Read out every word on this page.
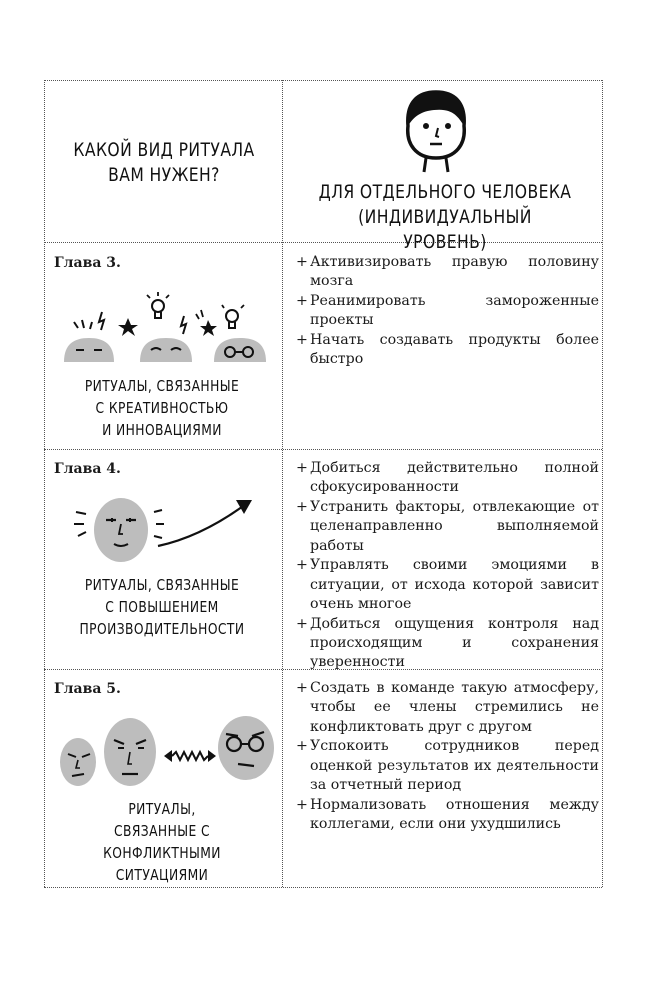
КАКОЙ ВИД РИТУАЛА
ВАМ НУЖЕН?
ДЛЯ ОТДЕЛЬНОГО ЧЕЛОВЕКА
(ИНДИВИДУАЛЬНЫЙ УРОВЕНЬ)
Глава 3.
РИТУАЛЫ, СВЯЗАННЫЕ
С КРЕАТИВНОСТЬЮ
И ИННОВАЦИЯМИ
+ Активизировать правую половину мозга
+ Реанимировать замороженные проекты
+ Начать создавать продукты более быстро
Глава 4.
РИТУАЛЫ, СВЯЗАННЫЕ
С ПОВЫШЕНИЕМ
ПРОИЗВОДИТЕЛЬНОСТИ
+ Добиться действительно полной сфокусированности
+ Устранить факторы, отвлекающие от целенаправленно выполняемой работы
+ Управлять своими эмоциями в ситуации, от исхода которой зависит очень многое
+ Добиться ощущения контроля над происходящим и сохранения уверенности
Глава 5.
РИТУАЛЫ,
СВЯЗАННЫЕ С КОНФЛИКТНЫМИ
СИТУАЦИЯМИ
+ Создать в команде такую атмосферу, чтобы ее члены стремились не конфликтовать друг с другом
+ Успокоить сотрудников перед оценкой результатов их деятельности за отчетный период
+ Нормализовать отношения между коллегами, если они ухудшились
